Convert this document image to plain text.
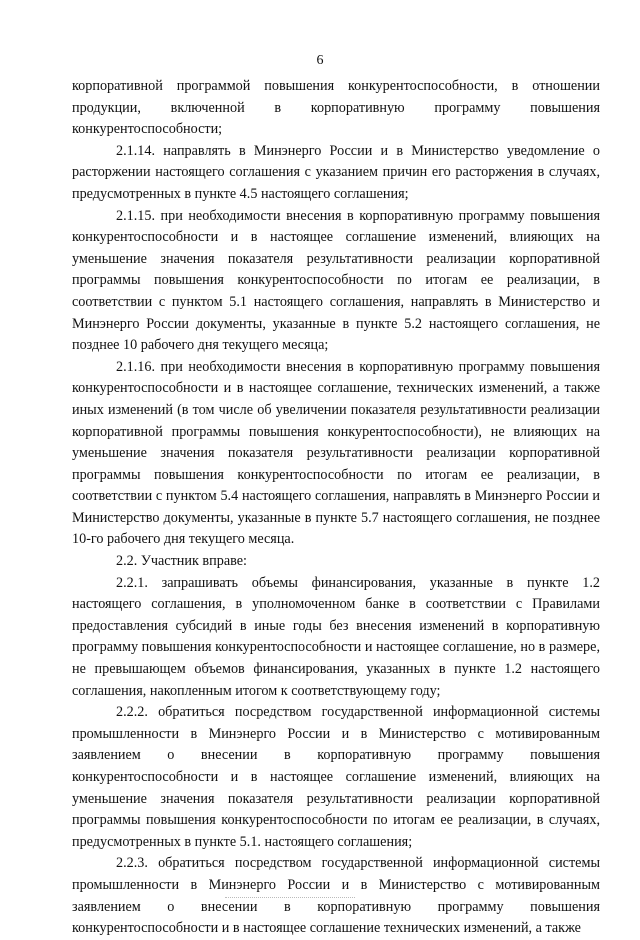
6

корпоративной программой повышения конкурентоспособности, в отношении продукции, включенной в корпоративную программу повышения конкурентоспособности;

2.1.14. направлять в Минэнерго России и в Министерство уведомление о расторжении настоящего соглашения с указанием причин его расторжения в случаях, предусмотренных в пункте 4.5 настоящего соглашения;

2.1.15. при необходимости внесения в корпоративную программу повышения конкурентоспособности и в настоящее соглашение изменений, влияющих на уменьшение значения показателя результативности реализации корпоративной программы повышения конкурентоспособности по итогам ее реализации, в соответствии с пунктом 5.1 настоящего соглашения, направлять в Министерство и Минэнерго России документы, указанные в пункте 5.2 настоящего соглашения, не позднее 10 рабочего дня текущего месяца;

2.1.16. при необходимости внесения в корпоративную программу повышения конкурентоспособности и в настоящее соглашение, технических изменений, а также иных изменений (в том числе об увеличении показателя результативности реализации корпоративной программы повышения конкурентоспособности), не влияющих на уменьшение значения показателя результативности реализации корпоративной программы повышения конкурентоспособности по итогам ее реализации, в соответствии с пунктом 5.4 настоящего соглашения, направлять в Минэнерго России и Министерство документы, указанные в пункте 5.7 настоящего соглашения, не позднее 10-го рабочего дня текущего месяца.

2.2. Участник вправе:

2.2.1. запрашивать объемы финансирования, указанные в пункте 1.2 настоящего соглашения, в уполномоченном банке в соответствии с Правилами предоставления субсидий в иные годы без внесения изменений в корпоративную программу повышения конкурентоспособности и настоящее соглашение, но в размере, не превышающем объемов финансирования, указанных в пункте 1.2 настоящего соглашения, накопленным итогом к соответствующему году;

2.2.2. обратиться посредством государственной информационной системы промышленности в Минэнерго России и в Министерство с мотивированным заявлением о внесении в корпоративную программу повышения конкурентоспособности и в настоящее соглашение изменений, влияющих на уменьшение значения показателя результативности реализации корпоративной программы повышения конкурентоспособности по итогам ее реализации, в случаях, предусмотренных в пункте 5.1. настоящего соглашения;

2.2.3. обратиться посредством государственной информационной системы промышленности в Минэнерго России и в Министерство с мотивированным заявлением о внесении в корпоративную программу повышения конкурентоспособности и в настоящее соглашение технических изменений, а также
